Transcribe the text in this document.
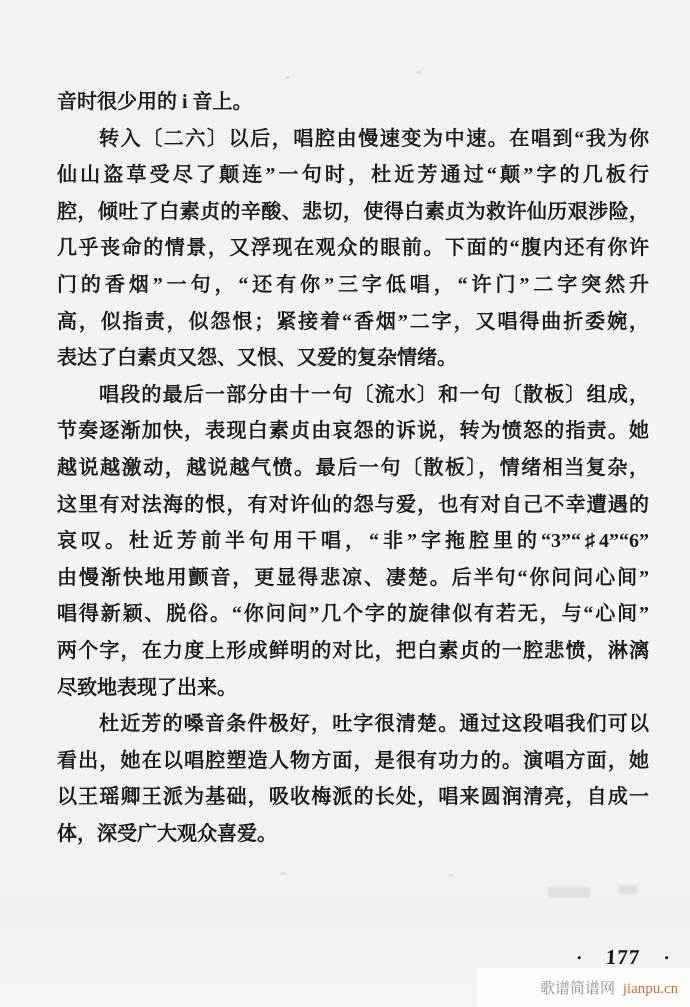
音时很少用的 i 音上。
转入〔二六〕以后，唱腔由慢速变为中速。在唱到“我为你
仙山盗草受尽了颠连”一句时，杜近芳通过“颠”字的几板行
腔，倾吐了白素贞的辛酸、悲切，使得白素贞为救许仙历艰涉险，
几乎丧命的情景，又浮现在观众的眼前。下面的“腹内还有你许
门的香烟”一句，“还有你”三字低唱，“许门”二字突然升
高，似指责，似怨恨；紧接着“香烟”二字，又唱得曲折委婉，
表达了白素贞又怨、又恨、又爱的复杂情绪。
唱段的最后一部分由十一句〔流水〕和一句〔散板〕组成，
节奏逐渐加快，表现白素贞由哀怨的诉说，转为愤怒的指责。她
越说越激动，越说越气愤。最后一句〔散板〕，情绪相当复杂，
这里有对法海的恨，有对许仙的怨与爱，也有对自己不幸遭遇的
哀叹。杜近芳前半句用干唱，“非”字拖腔里的“3”“♯4”“6”
由慢渐快地用颤音，更显得悲凉、凄楚。后半句“你问问心间”
唱得新颖、脱俗。“你问问”几个字的旋律似有若无，与“心间”
两个字，在力度上形成鲜明的对比，把白素贞的一腔悲愤，淋漓
尽致地表现了出来。
杜近芳的嗓音条件极好，吐字很清楚。通过这段唱我们可以
看出，她在以唱腔塑造人物方面，是很有功力的。演唱方面，她
以王瑶卿王派为基础，吸收梅派的长处，唱来圆润清亮，自成一
体，深受广大观众喜爱。
• 177 •
歌谱简谱网 jianpu.cn
